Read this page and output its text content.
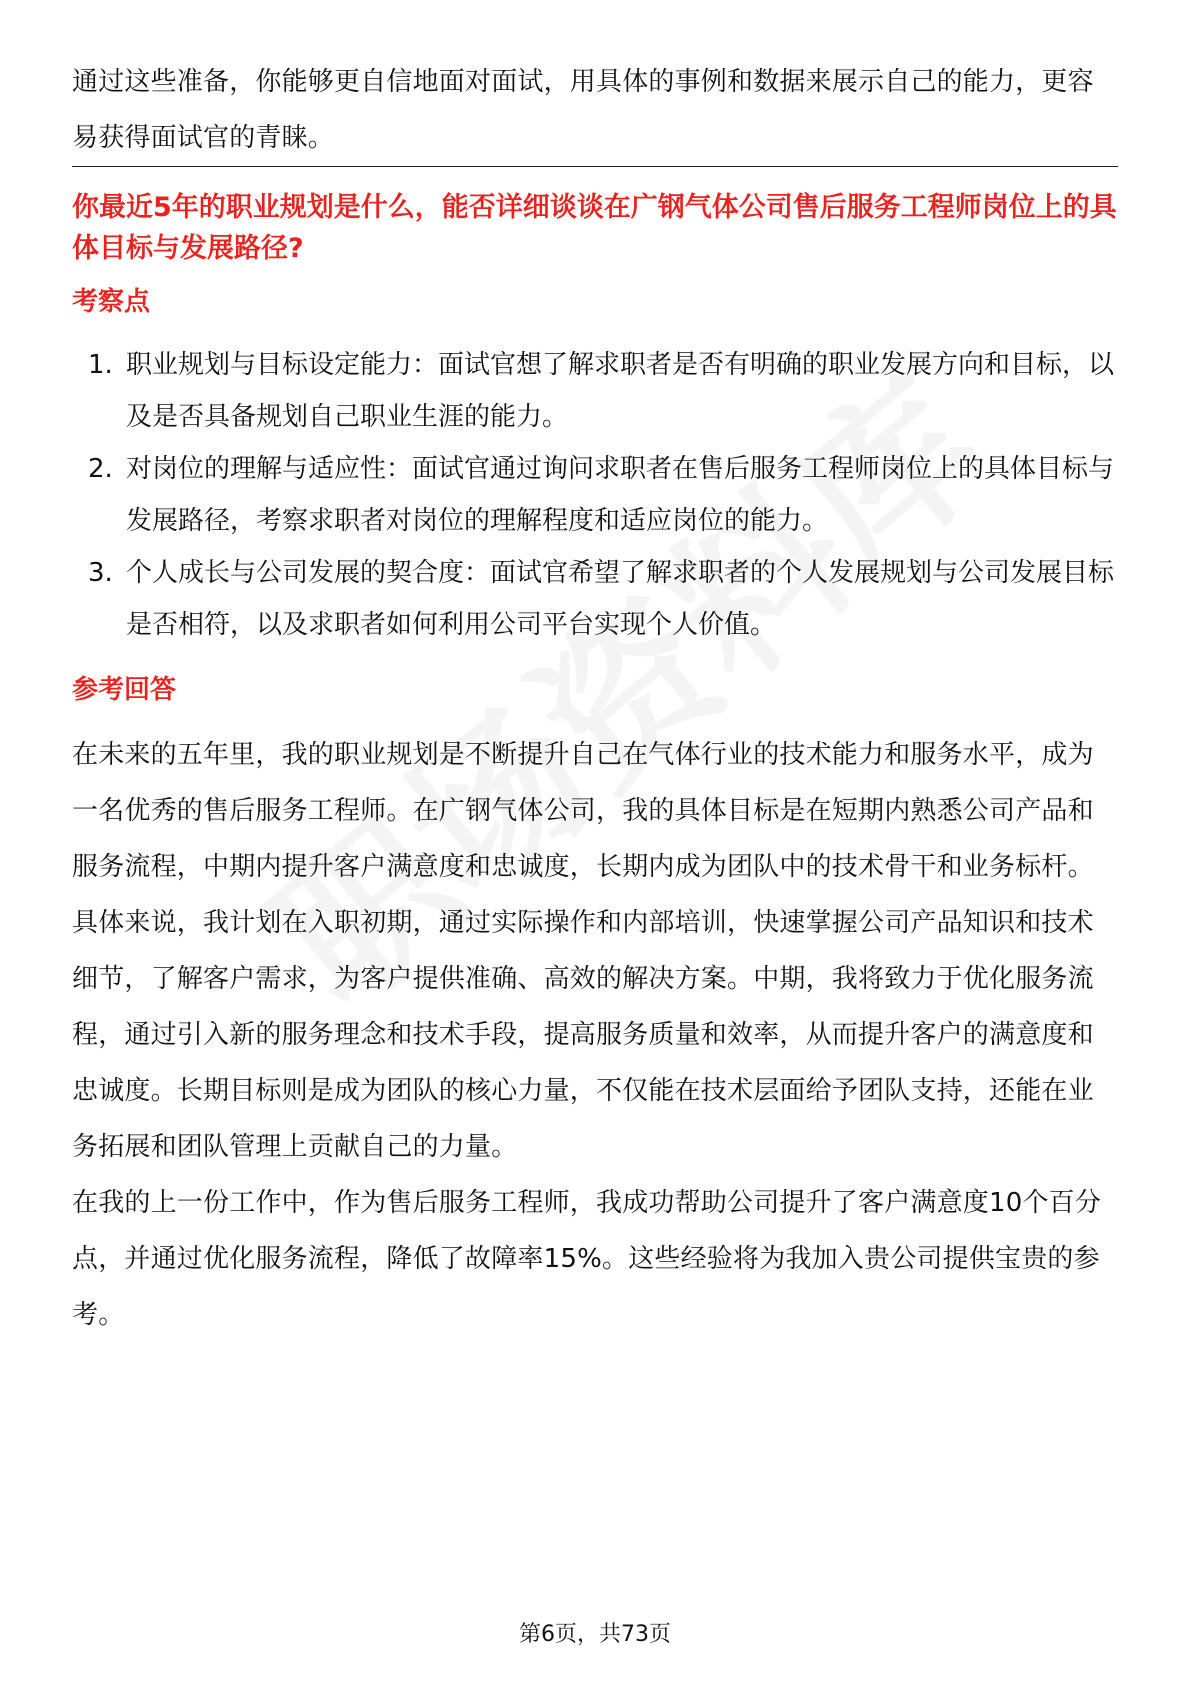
通过这些准备，你能够更自信地面对面试，用具体的事例和数据来展示自己的能力，更容易获得面试官的青睐。

你最近5年的职业规划是什么，能否详细谈谈在广钢气体公司售后服务工程师岗位上的具体目标与发展路径?

考察点

1. 职业规划与目标设定能力：面试官想了解求职者是否有明确的职业发展方向和目标，以及是否具备规划自己职业生涯的能力。
2. 对岗位的理解与适应性：面试官通过询问求职者在售后服务工程师岗位上的具体目标与发展路径，考察求职者对岗位的理解程度和适应岗位的能力。
3. 个人成长与公司发展的契合度：面试官希望了解求职者的个人发展规划与公司发展目标是否相符，以及求职者如何利用公司平台实现个人价值。

参考回答

在未来的五年里，我的职业规划是不断提升自己在气体行业的技术能力和服务水平，成为一名优秀的售后服务工程师。在广钢气体公司，我的具体目标是在短期内熟悉公司产品和服务流程，中期内提升客户满意度和忠诚度，长期内成为团队中的技术骨干和业务标杆。

具体来说，我计划在入职初期，通过实际操作和内部培训，快速掌握公司产品知识和技术细节，了解客户需求，为客户提供准确、高效的解决方案。中期，我将致力于优化服务流程，通过引入新的服务理念和技术手段，提高服务质量和效率，从而提升客户的满意度和忠诚度。长期目标则是成为团队的核心力量，不仅能在技术层面给予团队支持，还能在业务拓展和团队管理上贡献自己的力量。

在我的上一份工作中，作为售后服务工程师，我成功帮助公司提升了客户满意度10个百分点，并通过优化服务流程，降低了故障率15%。这些经验将为我加入贵公司提供宝贵的参考。

第6页，共73页
